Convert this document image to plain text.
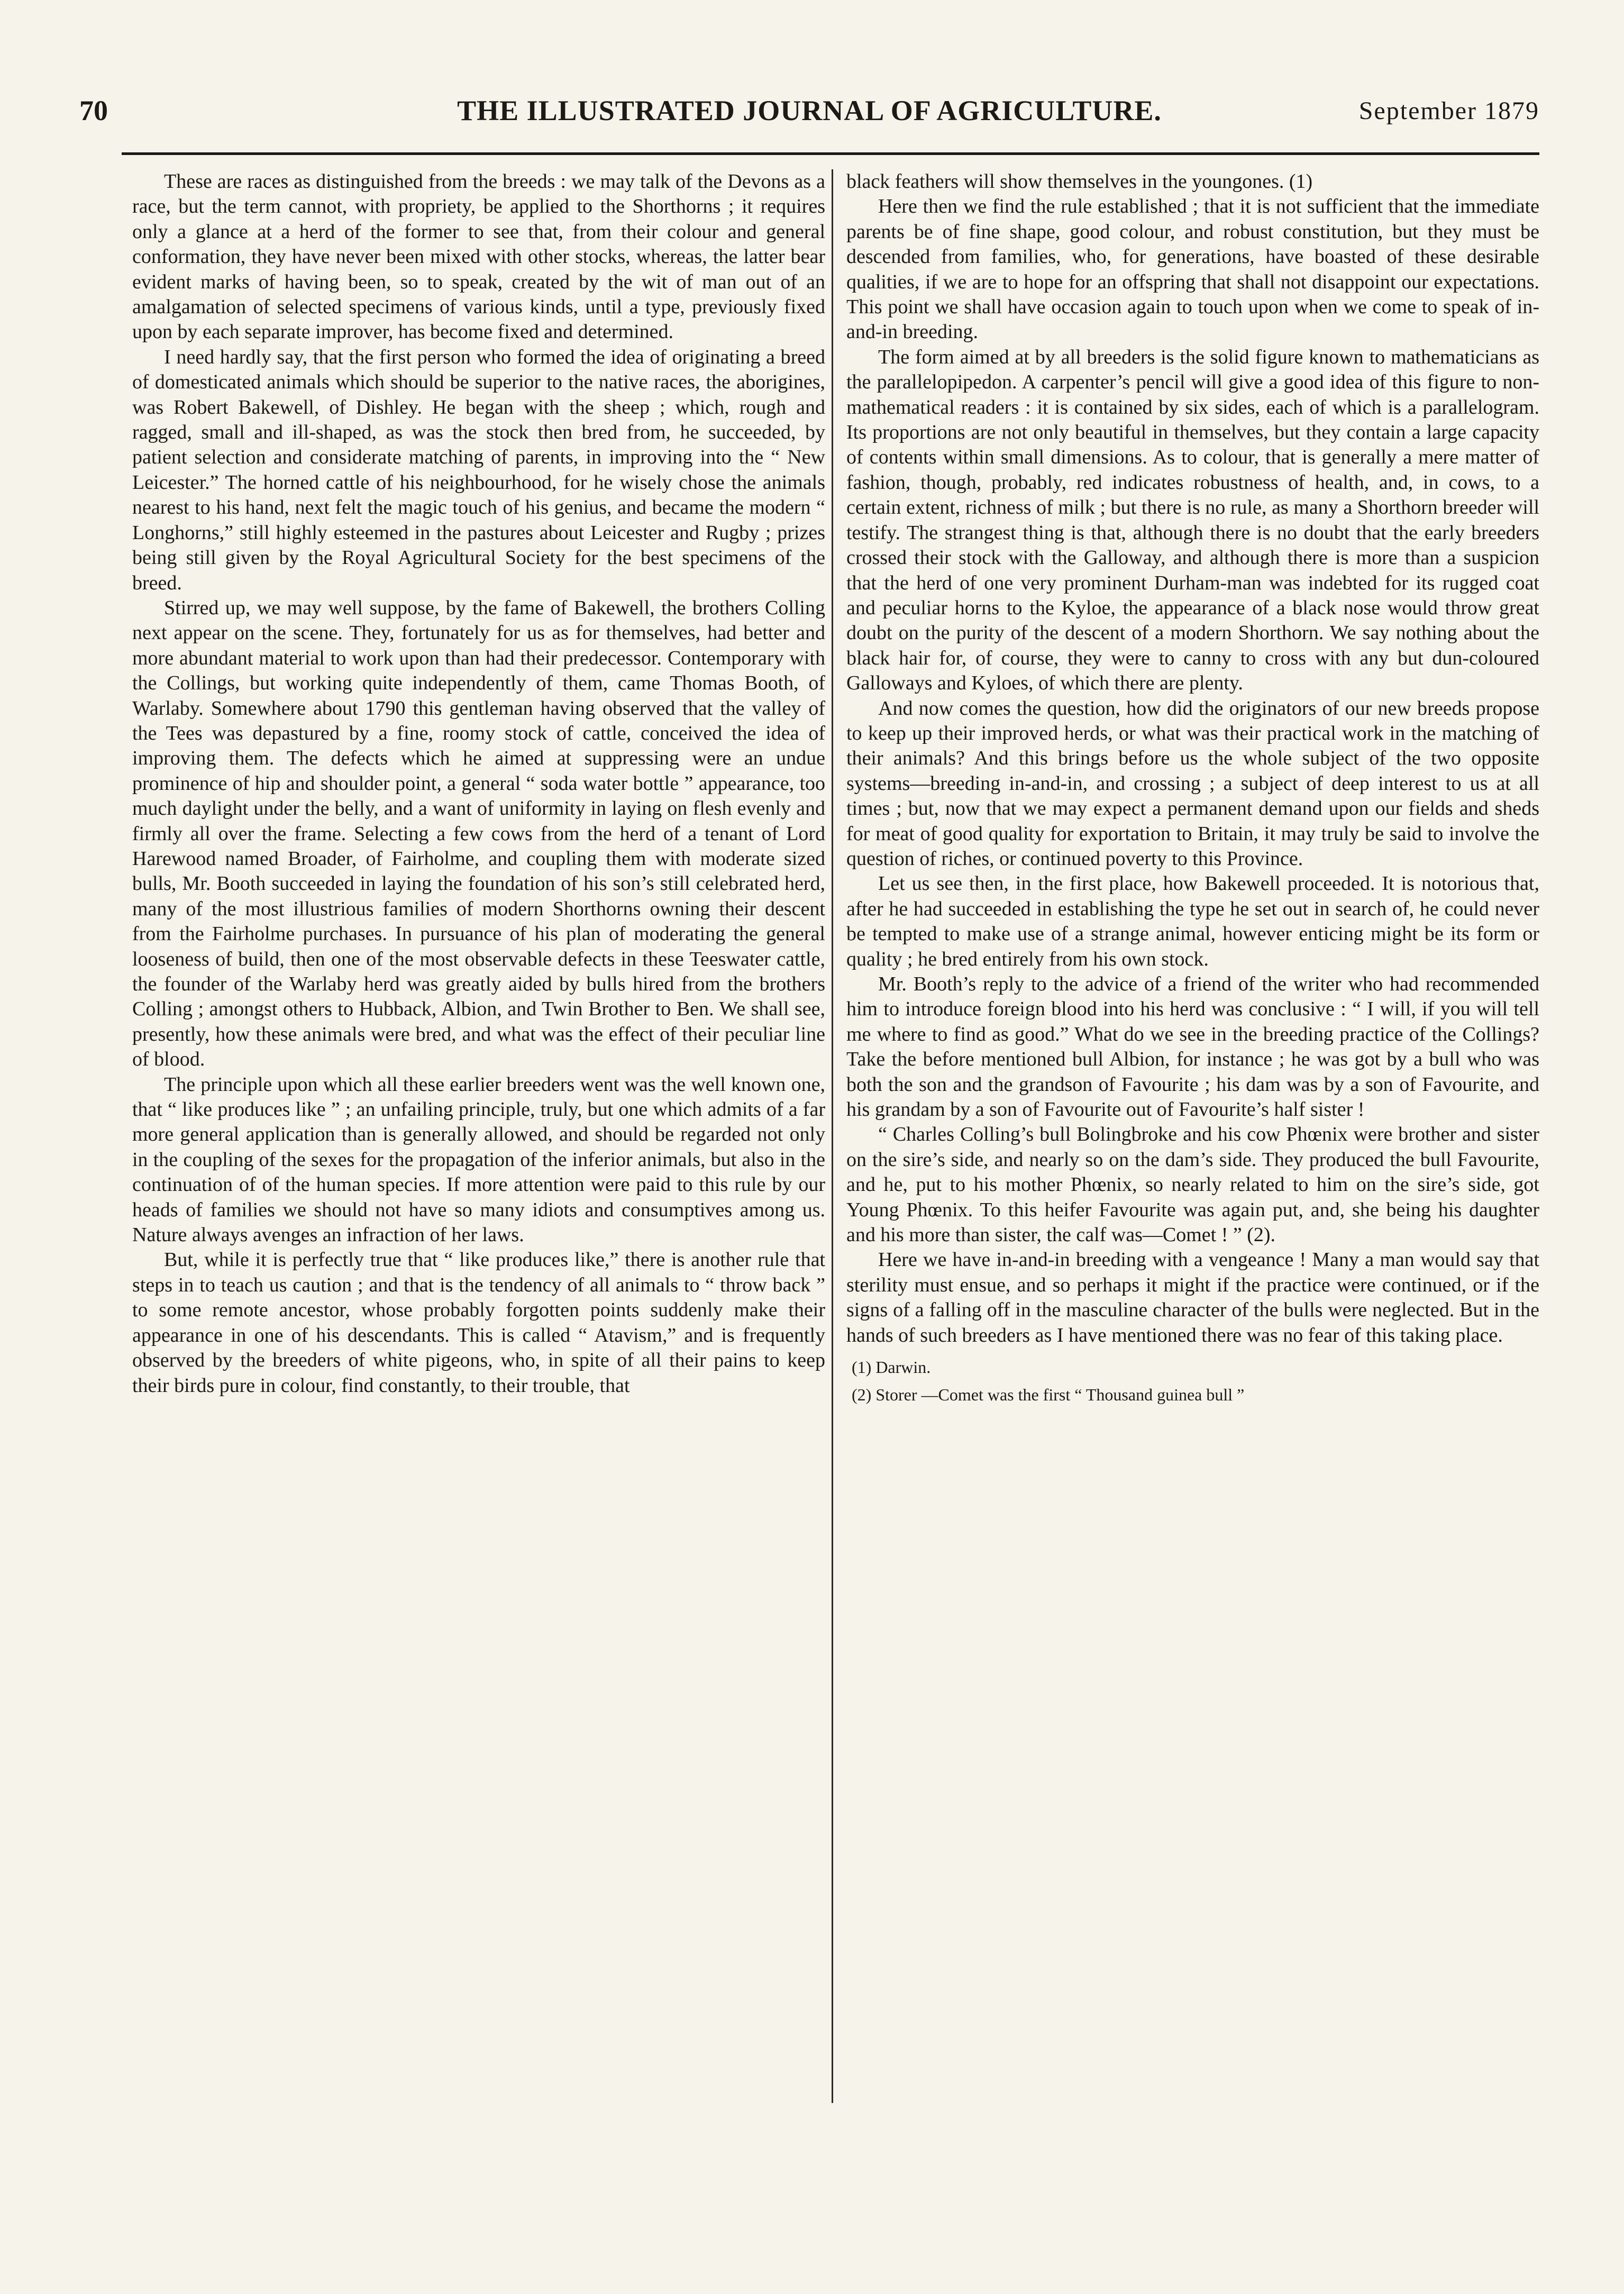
70	THE ILLUSTRATED JOURNAL OF AGRICULTURE.	September 1879

These are races as distinguished from the breeds : we may talk of the Devons as a race, but the term cannot, with propriety, be applied to the Shorthorns ; it requires only a glance at a herd of the former to see that, from their colour and general conformation, they have never been mixed with other stocks, whereas, the latter bear evident marks of having been, so to speak, created by the wit of man out of an amalgamation of selected specimens of various kinds, until a type, previously fixed upon by each separate improver, has become fixed and determined.

I need hardly say, that the first person who formed the idea of originating a breed of domesticated animals which should be superior to the native races, the aborigines, was Robert Bakewell, of Dishley. He began with the sheep ; which, rough and ragged, small and ill-shaped, as was the stock then bred from, he succeeded, by patient selection and considerate matching of parents, in improving into the “ New Leicester.” The horned cattle of his neighbourhood, for he wisely chose the animals nearest to his hand, next felt the magic touch of his genius, and became the modern “ Longhorns,” still highly esteemed in the pastures about Leicester and Rugby ; prizes being still given by the Royal Agricultural Society for the best specimens of the breed.

Stirred up, we may well suppose, by the fame of Bakewell, the brothers Colling next appear on the scene. They, fortunately for us as for themselves, had better and more abundant material to work upon than had their predecessor. Contemporary with the Collings, but working quite independently of them, came Thomas Booth, of Warlaby. Somewhere about 1790 this gentleman having observed that the valley of the Tees was depastured by a fine, roomy stock of cattle, conceived the idea of improving them. The defects which he aimed at suppressing were an undue prominence of hip and shoulder point, a general “ soda water bottle ” appearance, too much daylight under the belly, and a want of uniformity in laying on flesh evenly and firmly all over the frame. Selecting a few cows from the herd of a tenant of Lord Harewood named Broader, of Fairholme, and coupling them with moderate sized bulls, Mr. Booth succeeded in laying the foundation of his son’s still celebrated herd, many of the most illustrious families of modern Shorthorns owning their descent from the Fairholme purchases. In pursuance of his plan of moderating the general looseness of build, then one of the most observable defects in these Teeswater cattle, the founder of the Warlaby herd was greatly aided by bulls hired from the brothers Colling ; amongst others to Hubback, Albion, and Twin Brother to Ben. We shall see, presently, how these animals were bred, and what was the effect of their peculiar line of blood.

The principle upon which all these earlier breeders went was the well known one, that “ like produces like ” ; an unfailing principle, truly, but one which admits of a far more general application than is generally allowed, and should be regarded not only in the coupling of the sexes for the propagation of the inferior animals, but also in the continuation of of the human species. If more attention were paid to this rule by our heads of families we should not have so many idiots and consumptives among us. Nature always avenges an infraction of her laws.

But, while it is perfectly true that “ like produces like,” there is another rule that steps in to teach us caution ; and that is the tendency of all animals to “ throw back ” to some remote ancestor, whose probably forgotten points suddenly make their appearance in one of his descendants. This is called “ Atavism,” and is frequently observed by the breeders of white pigeons, who, in spite of all their pains to keep their birds pure in colour, find constantly, to their trouble, that

black feathers will show themselves in the youngones. (1)

Here then we find the rule established ; that it is not sufficient that the immediate parents be of fine shape, good colour, and robust constitution, but they must be descended from families, who, for generations, have boasted of these desirable qualities, if we are to hope for an offspring that shall not disappoint our expectations. This point we shall have occasion again to touch upon when we come to speak of in-and-in breeding.

The form aimed at by all breeders is the solid figure known to mathematicians as the parallelopipedon. A carpenter’s pencil will give a good idea of this figure to non-mathematical readers : it is contained by six sides, each of which is a parallelogram. Its proportions are not only beautiful in themselves, but they contain a large capacity of contents within small dimensions. As to colour, that is generally a mere matter of fashion, though, probably, red indicates robustness of health, and, in cows, to a certain extent, richness of milk ; but there is no rule, as many a Shorthorn breeder will testify. The strangest thing is that, although there is no doubt that the early breeders crossed their stock with the Galloway, and although there is more than a suspicion that the herd of one very prominent Durham-man was indebted for its rugged coat and peculiar horns to the Kyloe, the appearance of a black nose would throw great doubt on the purity of the descent of a modern Shorthorn. We say nothing about the black hair for, of course, they were to canny to cross with any but dun-coloured Galloways and Kyloes, of which there are plenty.

And now comes the question, how did the originators of our new breeds propose to keep up their improved herds, or what was their practical work in the matching of their animals? And this brings before us the whole subject of the two opposite systems—breeding in-and-in, and crossing ; a subject of deep interest to us at all times ; but, now that we may expect a permanent demand upon our fields and sheds for meat of good quality for exportation to Britain, it may truly be said to involve the question of riches, or continued poverty to this Province.

Let us see then, in the first place, how Bakewell proceeded. It is notorious that, after he had succeeded in establishing the type he set out in search of, he could never be tempted to make use of a strange animal, however enticing might be its form or quality ; he bred entirely from his own stock.

Mr. Booth’s reply to the advice of a friend of the writer who had recommended him to introduce foreign blood into his herd was conclusive : “ I will, if you will tell me where to find as good.” What do we see in the breeding practice of the Collings? Take the before mentioned bull Albion, for instance ; he was got by a bull who was both the son and the grandson of Favourite ; his dam was by a son of Favourite, and his grandam by a son of Favourite out of Favourite’s half sister !

“ Charles Colling’s bull Bolingbroke and his cow Phœnix were brother and sister on the sire’s side, and nearly so on the dam’s side. They produced the bull Favourite, and he, put to his mother Phœnix, so nearly related to him on the sire’s side, got Young Phœnix. To this heifer Favourite was again put, and, she being his daughter and his more than sister, the calf was—Comet ! ” (2).

Here we have in-and-in breeding with a vengeance ! Many a man would say that sterility must ensue, and so perhaps it might if the practice were continued, or if the signs of a falling off in the masculine character of the bulls were neglected. But in the hands of such breeders as I have mentioned there was no fear of this taking place.

(1) Darwin.

(2) Storer —Comet was the first “ Thousand guinea bull ”
